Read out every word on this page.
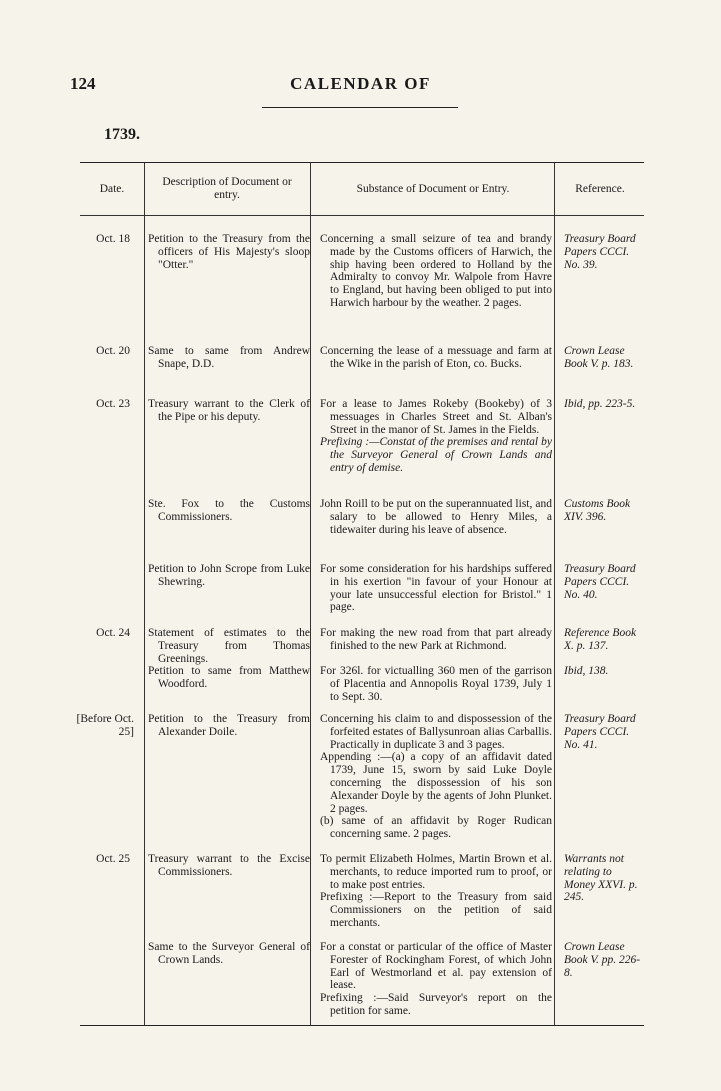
124	CALENDAR OF
1739.
Date.
Description of Document or entry.
Substance of Document or Entry.	Reference.
Oct. 18 Petition to the Treasury from the officers of His Majesty's sloop "Otter."
Concerning a small seizure of tea and brandy made by the Customs officers of Harwich, the ship having been ordered to Holland by the Admiralty to convoy Mr. Walpole from Havre to England, but having been obliged to put into Harwich harbour by the weather. 2 pages.
Treasury Board Papers CCCI. No. 39.
Oct. 20 Same to same from Andrew Snape, D.D.
Concerning the lease of a messuage and farm at the Wike in the parish of Eton, co. Bucks.
Crown Lease Book V. p. 183.
Oct. 23 Treasury warrant to the Clerk of the Pipe or his deputy.
For a lease to James Rokeby (Bookeby) of 3 messuages in Charles Street and St. Alban's Street in the manor of St. James in the Fields.
Prefixing :—Constat of the premises and rental by the Surveyor General of Crown Lands and entry of demise.
Ibid, pp. 223-5.
Ste. Fox to the Customs Commissioners.
John Roill to be put on the superannuated list, and salary to be allowed to Henry Miles, a tidewaiter during his leave of absence.
Customs Book XIV. 396.
Petition to John Scrope from Luke Shewring.
For some consideration for his hardships suffered in his exertion "in favour of your Honour at your late unsuccessful election for Bristol." 1 page.
Treasury Board Papers CCCI. No. 40.
Oct. 24 Statement of estimates to the Treasury from Thomas Greenings.
For making the new road from that part already finished to the new Park at Richmond.
Reference Book X. p. 137.
Petition to same from Matthew Woodford.
For 326l. for victualling 360 men of the garrison of Placentia and Annopolis Royal 1739, July 1 to Sept. 30.
Ibid, 138.
[Before Oct. 25]
Petition to the Treasury from Alexander Doile.
Concerning his claim to and dispossession of the forfeited estates of Ballysunroan alias Carballis. Practically in duplicate 3 and 3 pages.
Appending :—(a) a copy of an affidavit dated 1739, June 15, sworn by said Luke Doyle concerning the dispossession of his son Alexander Doyle by the agents of John Plunket. 2 pages.
(b) same of an affidavit by Roger Rudican concerning same. 2 pages.
Treasury Board Papers CCCI. No. 41.
Oct. 25 Treasury warrant to the Excise Commissioners.
To permit Elizabeth Holmes, Martin Brown et al. merchants, to reduce imported rum to proof, or to make post entries.
Prefixing :—Report to the Treasury from said Commissioners on the petition of said merchants.
Warrants not relating to Money XXVI. p. 245.
Same to the Surveyor General of Crown Lands.
For a constat or particular of the office of Master Forester of Rockingham Forest, of which John Earl of Westmorland et al. pay extension of lease.
Prefixing :—Said Surveyor's report on the petition for same.
Crown Lease Book V. pp. 226-8.
